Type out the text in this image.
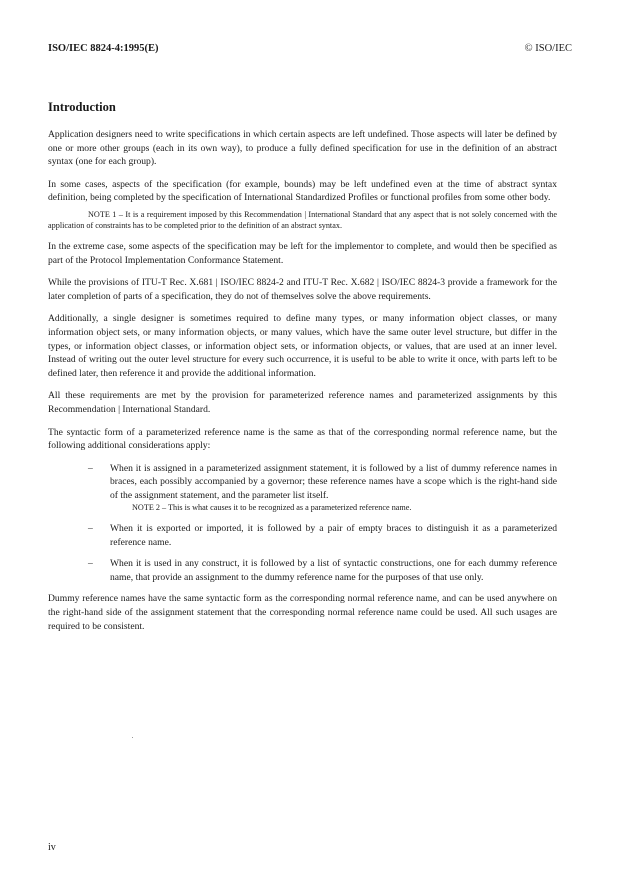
ISO/IEC 8824-4:1995(E)	© ISO/IEC
Introduction

Application designers need to write specifications in which certain aspects are left undefined. Those aspects will later be defined by one or more other groups (each in its own way), to produce a fully defined specification for use in the definition of an abstract syntax (one for each group).

In some cases, aspects of the specification (for example, bounds) may be left undefined even at the time of abstract syntax definition, being completed by the specification of International Standardized Profiles or functional profiles from some other body.

NOTE 1 – It is a requirement imposed by this Recommendation | International Standard that any aspect that is not solely concerned with the application of constraints has to be completed prior to the definition of an abstract syntax.

In the extreme case, some aspects of the specification may be left for the implementor to complete, and would then be specified as part of the Protocol Implementation Conformance Statement.

While the provisions of ITU-T Rec. X.681 | ISO/IEC 8824-2 and ITU-T Rec. X.682 | ISO/IEC 8824-3 provide a framework for the later completion of parts of a specification, they do not of themselves solve the above requirements.

Additionally, a single designer is sometimes required to define many types, or many information object classes, or many information object sets, or many information objects, or many values, which have the same outer level structure, but differ in the types, or information object classes, or information object sets, or information objects, or values, that are used at an inner level. Instead of writing out the outer level structure for every such occurrence, it is useful to be able to write it once, with parts left to be defined later, then reference it and provide the additional information.

All these requirements are met by the provision for parameterized reference names and parameterized assignments by this Recommendation | International Standard.

The syntactic form of a parameterized reference name is the same as that of the corresponding normal reference name, but the following additional considerations apply:

– When it is assigned in a parameterized assignment statement, it is followed by a list of dummy reference names in braces, each possibly accompanied by a governor; these reference names have a scope which is the right-hand side of the assignment statement, and the parameter list itself.

NOTE 2 – This is what causes it to be recognized as a parameterized reference name.

– When it is exported or imported, it is followed by a pair of empty braces to distinguish it as a parameterized reference name.

– When it is used in any construct, it is followed by a list of syntactic constructions, one for each dummy reference name, that provide an assignment to the dummy reference name for the purposes of that use only.

Dummy reference names have the same syntactic form as the corresponding normal reference name, and can be used anywhere on the right-hand side of the assignment statement that the corresponding normal reference name could be used. All such usages are required to be consistent.

iv
